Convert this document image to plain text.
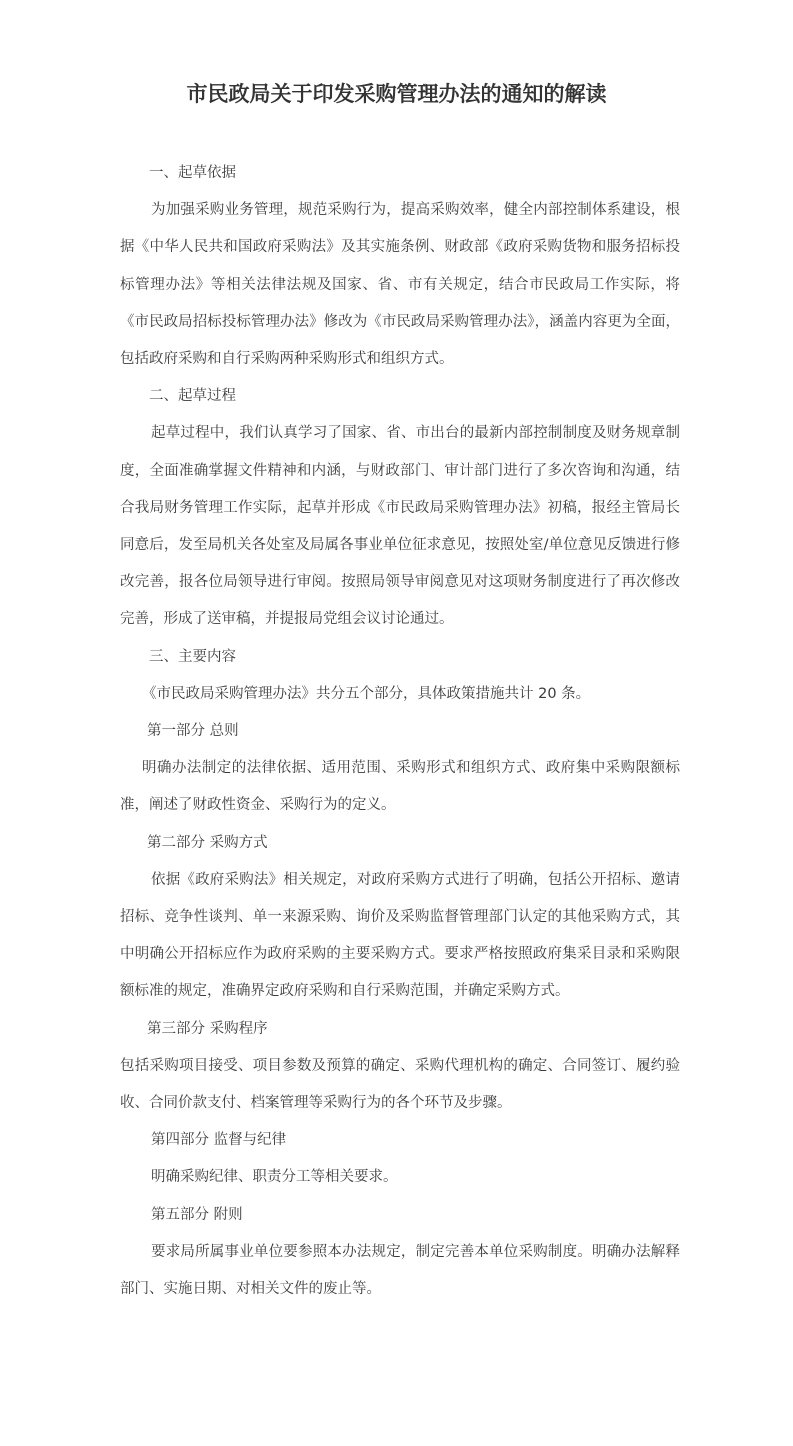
市民政局关于印发采购管理办法的通知的解读

一、起草依据

为加强采购业务管理，规范采购行为，提高采购效率，健全内部控制体系建设，根据《中华人民共和国政府采购法》及其实施条例、财政部《政府采购货物和服务招标投标管理办法》等相关法律法规及国家、省、市有关规定，结合市民政局工作实际，将《市民政局招标投标管理办法》修改为《市民政局采购管理办法》，涵盖内容更为全面，包括政府采购和自行采购两种采购形式和组织方式。

二、起草过程

起草过程中，我们认真学习了国家、省、市出台的最新内部控制制度及财务规章制度，全面准确掌握文件精神和内涵，与财政部门、审计部门进行了多次咨询和沟通，结合我局财务管理工作实际，起草并形成《市民政局采购管理办法》初稿，报经主管局长同意后，发至局机关各处室及局属各事业单位征求意见，按照处室/单位意见反馈进行修改完善，报各位局领导进行审阅。按照局领导审阅意见对这项财务制度进行了再次修改完善，形成了送审稿，并提报局党组会议讨论通过。

三、主要内容

《市民政局采购管理办法》共分五个部分，具体政策措施共计 20 条。

第一部分 总则

明确办法制定的法律依据、适用范围、采购形式和组织方式、政府集中采购限额标准，阐述了财政性资金、采购行为的定义。

第二部分 采购方式

依据《政府采购法》相关规定，对政府采购方式进行了明确，包括公开招标、邀请招标、竞争性谈判、单一来源采购、询价及采购监督管理部门认定的其他采购方式，其中明确公开招标应作为政府采购的主要采购方式。要求严格按照政府集采目录和采购限额标准的规定，准确界定政府采购和自行采购范围，并确定采购方式。

第三部分 采购程序

包括采购项目接受、项目参数及预算的确定、采购代理机构的确定、合同签订、履约验收、合同价款支付、档案管理等采购行为的各个环节及步骤。

第四部分 监督与纪律

明确采购纪律、职责分工等相关要求。

第五部分 附则

要求局所属事业单位要参照本办法规定，制定完善本单位采购制度。明确办法解释部门、实施日期、对相关文件的废止等。
